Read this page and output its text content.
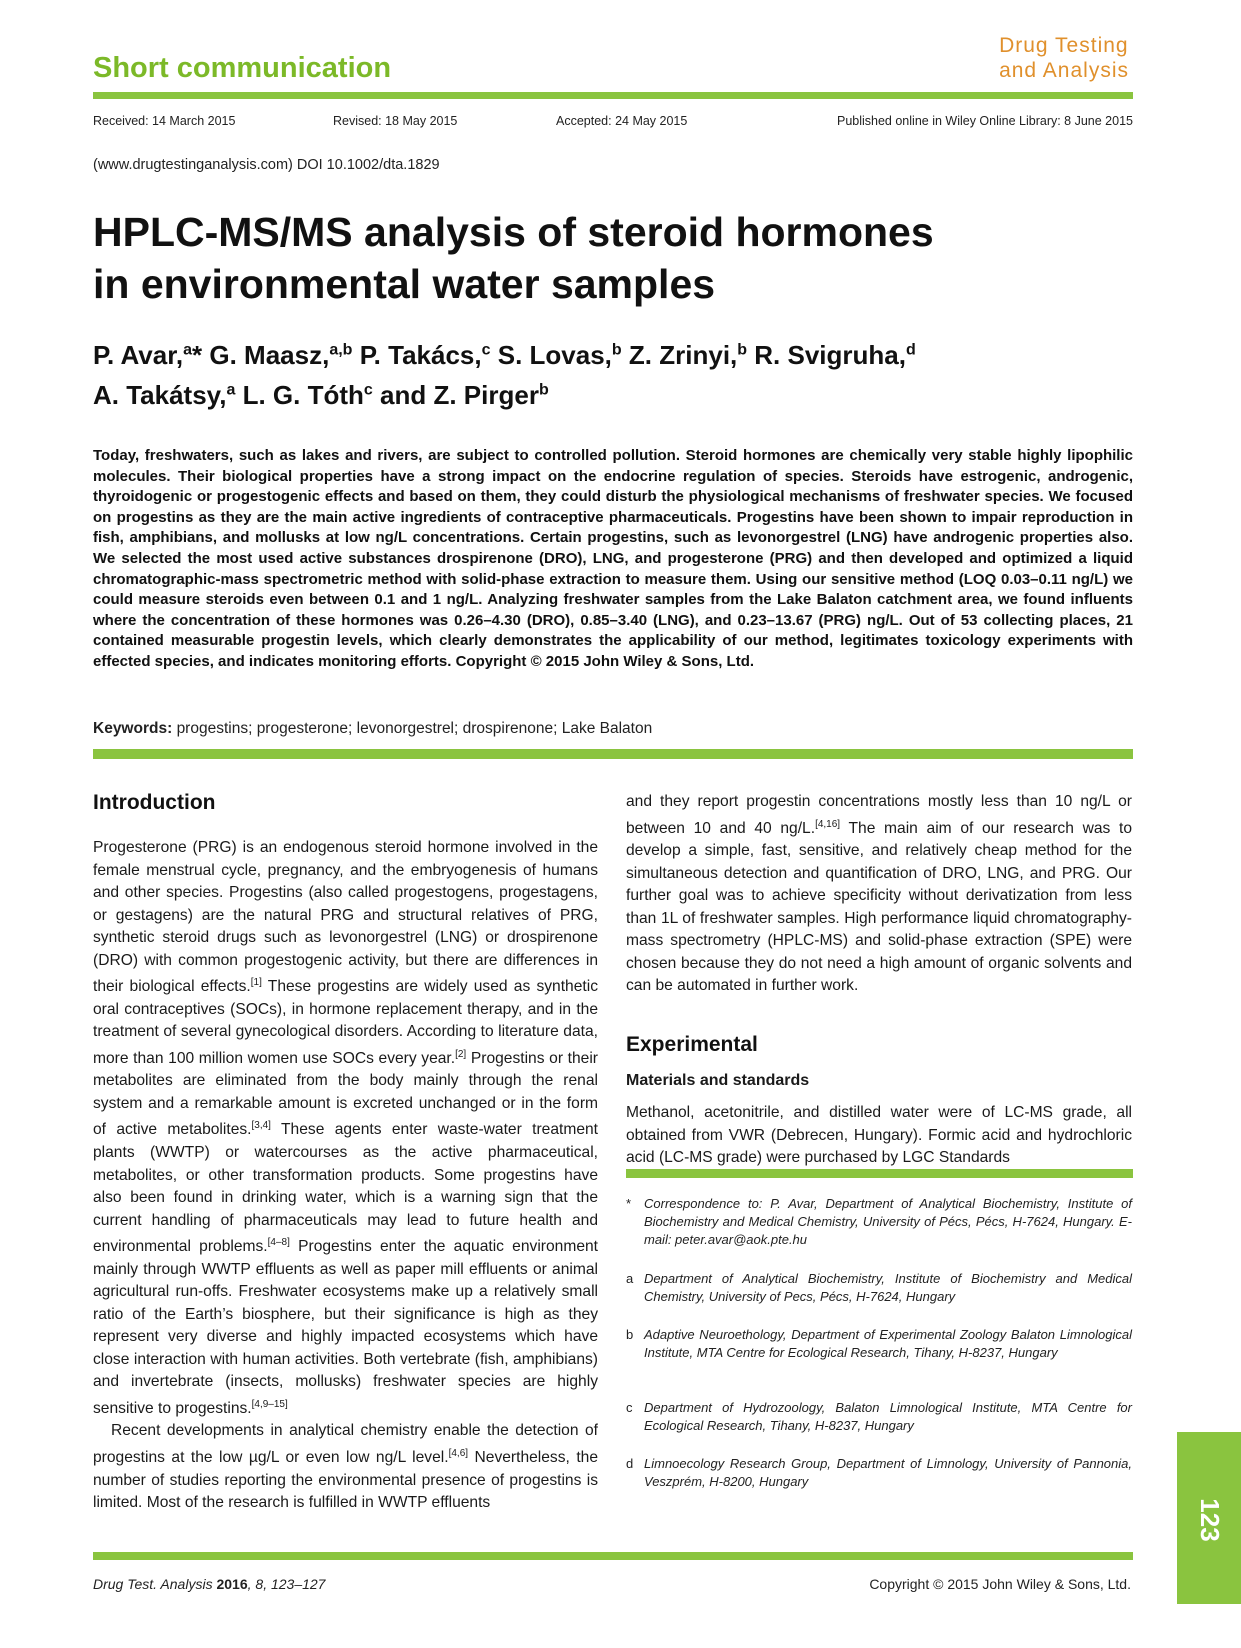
Short communication
Drug Testing
and Analysis
Received: 14 March 2015	Revised: 18 May 2015	Accepted: 24 May 2015	Published online in Wiley Online Library: 8 June 2015
(www.drugtestinganalysis.com) DOI 10.1002/dta.1829
HPLC-MS/MS analysis of steroid hormones
in environmental water samples
P. Avar,$^a$* G. Maasz,$^{a,b}$ P. Takács,$^c$ S. Lovas,$^b$ Z. Zrinyi,$^b$ R. Svigruha,$^d$
A. Takátsy,$^a$ L. G. Tóth$^c$ and Z. Pirger$^b$
Today, freshwaters, such as lakes and rivers, are subject to controlled pollution. Steroid hormones are chemically very stable highly lipophilic molecules. Their biological properties have a strong impact on the endocrine regulation of species. Steroids have estrogenic, androgenic, thyroidogenic or progestogenic effects and based on them, they could disturb the physiological mechanisms of freshwater species. We focused on progestins as they are the main active ingredients of contraceptive pharmaceuticals. Progestins have been shown to impair reproduction in fish, amphibians, and mollusks at low ng/L concentrations. Certain progestins, such as levonorgestrel (LNG) have androgenic properties also. We selected the most used active substances drospirenone (DRO), LNG, and progesterone (PRG) and then developed and optimized a liquid chromatographic-mass spectrometric method with solid-phase extraction to measure them. Using our sensitive method (LOQ 0.03–0.11 ng/L) we could measure steroids even between 0.1 and 1 ng/L. Analyzing freshwater samples from the Lake Balaton catchment area, we found influents where the concentration of these hormones was 0.26–4.30 (DRO), 0.85–3.40 (LNG), and 0.23–13.67 (PRG) ng/L. Out of 53 collecting places, 21 contained measurable progestin levels, which clearly demonstrates the applicability of our method, legitimates toxicology experiments with effected species, and indicates monitoring efforts. Copyright © 2015 John Wiley & Sons, Ltd.
Keywords: progestins; progesterone; levonorgestrel; drospirenone; Lake Balaton
Introduction

Progesterone (PRG) is an endogenous steroid hormone involved in the female menstrual cycle, pregnancy, and the embryogenesis of humans and other species. Progestins (also called progestogens, progestagens, or gestagens) are the natural PRG and structural relatives of PRG, synthetic steroid drugs such as levonorgestrel (LNG) or drospirenone (DRO) with common progestogenic activity, but there are differences in their biological effects.[1] These progestins are widely used as synthetic oral contraceptives (SOCs), in hormone replacement therapy, and in the treatment of several gynecological disorders. According to literature data, more than 100 million women use SOCs every year.[2] Progestins or their metabolites are eliminated from the body mainly through the renal system and a remarkable amount is excreted unchanged or in the form of active metabolites.[3,4] These agents enter waste-water treatment plants (WWTP) or watercourses as the active pharmaceutical, metabolites, or other transformation products. Some progestins have also been found in drinking water, which is a warning sign that the current handling of pharmaceuticals may lead to future health and environmental problems.[4–8] Progestins enter the aquatic environment mainly through WWTP effluents as well as paper mill effluents or animal agricultural run-offs. Freshwater ecosystems make up a relatively small ratio of the Earth’s biosphere, but their significance is high as they represent very diverse and highly impacted ecosystems which have close interaction with human activities. Both vertebrate (fish, amphibians) and invertebrate (insects, mollusks) freshwater species are highly sensitive to progestins.[4,9–15]

Recent developments in analytical chemistry enable the detection of progestins at the low µg/L or even low ng/L level.[4,6] Nevertheless, the number of studies reporting the environmental presence of progestins is limited. Most of the research is fulfilled in WWTP effluents

and they report progestin concentrations mostly less than 10 ng/L or between 10 and 40 ng/L.[4,16] The main aim of our research was to develop a simple, fast, sensitive, and relatively cheap method for the simultaneous detection and quantification of DRO, LNG, and PRG. Our further goal was to achieve specificity without derivatization from less than 1L of freshwater samples. High performance liquid chromatography-mass spectrometry (HPLC-MS) and solid-phase extraction (SPE) were chosen because they do not need a high amount of organic solvents and can be automated in further work.

Experimental
Materials and standards

Methanol, acetonitrile, and distilled water were of LC-MS grade, all obtained from VWR (Debrecen, Hungary). Formic acid and hydrochloric acid (LC-MS grade) were purchased by LGC Standards

* Correspondence to: P. Avar, Department of Analytical Biochemistry, Institute of Biochemistry and Medical Chemistry, University of Pécs, Pécs, H-7624, Hungary. E-mail: peter.avar@aok.pte.hu
a Department of Analytical Biochemistry, Institute of Biochemistry and Medical Chemistry, University of Pecs, Pécs, H-7624, Hungary
b Adaptive Neuroethology, Department of Experimental Zoology Balaton Limnological Institute, MTA Centre for Ecological Research, Tihany, H-8237, Hungary
c Department of Hydrozoology, Balaton Limnological Institute, MTA Centre for Ecological Research, Tihany, H-8237, Hungary
d Limnoecology Research Group, Department of Limnology, University of Pannonia, Veszprém, H-8200, Hungary
Drug Test. Analysis 2016, 8, 123–127	Copyright © 2015 John Wiley & Sons, Ltd.
123
